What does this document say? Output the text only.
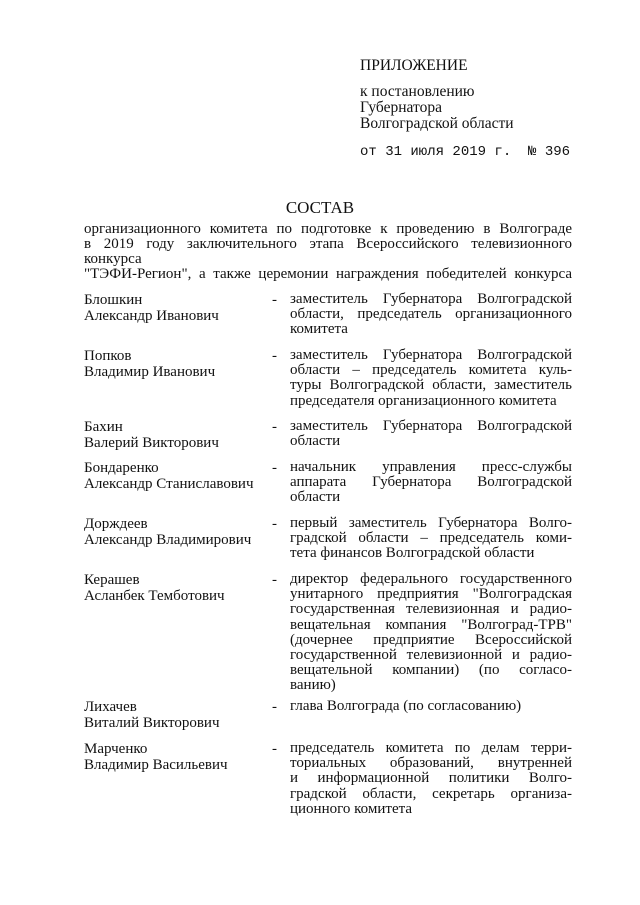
ПРИЛОЖЕНИЕ
к постановлению
Губернатора
Волгоградской области
от 31 июля 2019 г.  № 396
СОСТАВ
организационного комитета по подготовке к проведению в Волгограде
в 2019 году заключительного этапа Всероссийского телевизионного конкурса
"ТЭФИ-Регион", а также церемонии награждения победителей конкурса
Блошкин
Александр Иванович
- заместитель Губернатора Волгоградской
области, председатель организационного
комитета
Попков
Владимир Иванович
- заместитель Губернатора Волгоградской
области – председатель комитета куль-
туры Волгоградской области, заместитель
председателя организационного комитета
Бахин
Валерий Викторович
- заместитель Губернатора Волгоградской
области
Бондаренко
Александр Станиславович
- начальник управления пресс-службы
аппарата Губернатора Волгоградской
области
Дорждеев
Александр Владимирович
- первый заместитель Губернатора Волго-
градской области – председатель коми-
тета финансов Волгоградской области
Керашев
Асланбек Темботович
- директор федерального государственного
унитарного предприятия "Волгоградская
государственная телевизионная и радио-
вещательная компания "Волгоград-ТРВ"
(дочернее предприятие Всероссийской
государственной телевизионной и радио-
вещательной компании) (по согласо-
ванию)
Лихачев
Виталий Викторович
- глава Волгограда (по согласованию)
Марченко
Владимир Васильевич
- председатель комитета по делам терри-
ториальных образований, внутренней
и информационной политики Волго-
градской области, секретарь организа-
ционного комитета
